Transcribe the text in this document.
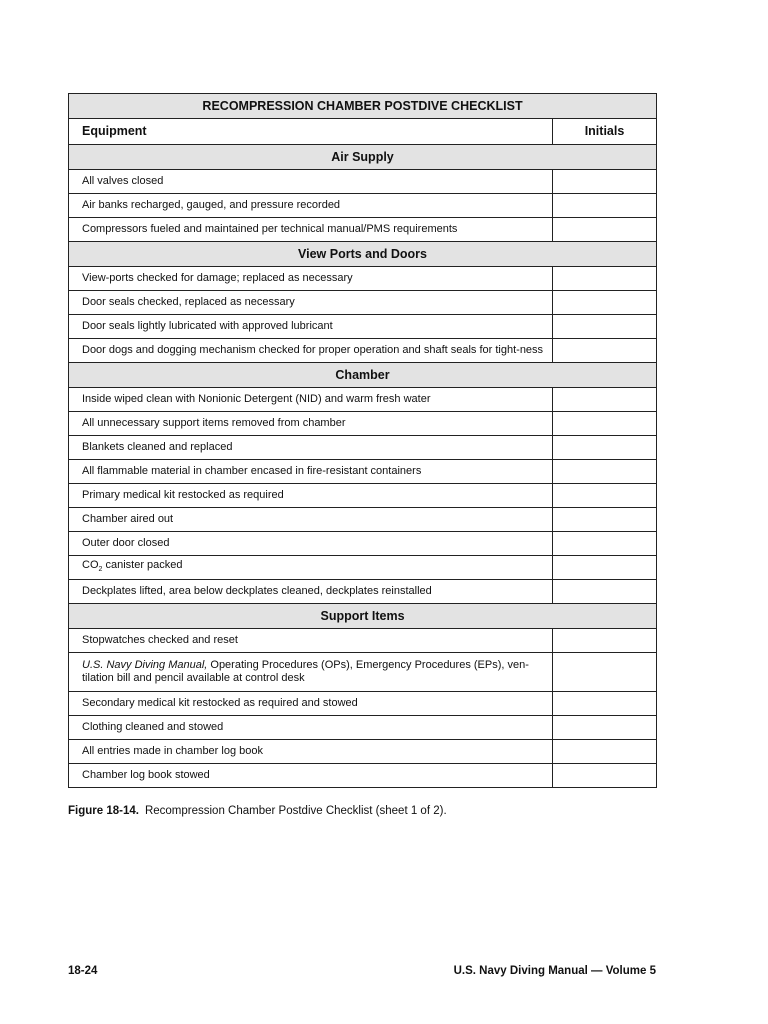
RECOMPRESSION CHAMBER POSTDIVE CHECKLIST	
Equipment	Initials
Air Supply	
All valves closed	
Air banks recharged, gauged, and pressure recorded	
Compressors fueled and maintained per technical manual/PMS requirements	
View Ports and Doors	
View-ports checked for damage; replaced as necessary	
Door seals checked, replaced as necessary	
Door seals lightly lubricated with approved lubricant	
Door dogs and dogging mechanism checked for proper operation and shaft seals for tight-ness	
Chamber	
Inside wiped clean with Nonionic Detergent (NID) and warm fresh water	
All unnecessary support items removed from chamber	
Blankets cleaned and replaced	
All flammable material in chamber encased in fire-resistant containers	
Primary medical kit restocked as required	
Chamber aired out	
Outer door closed	
$CO_2$ canister packed	
Deckplates lifted, area below deckplates cleaned, deckplates reinstalled	
Support Items	
Stopwatches checked and reset	
U.S. Navy Diving Manual, Operating Procedures (OPs), Emergency Procedures (EPs), ven-tilation bill and pencil available at control desk	
Secondary medical kit restocked as required and stowed	
Clothing cleaned and stowed	
All entries made in chamber log book	
Chamber log book stowed	
Figure 18-14. Recompression Chamber Postdive Checklist (sheet 1 of 2).
18-24	U.S. Navy Diving Manual — Volume 5
